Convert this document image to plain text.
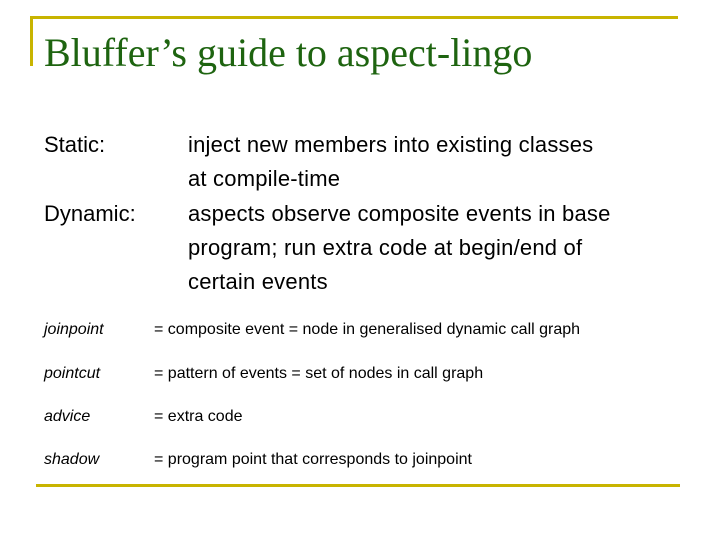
Bluffer’s guide to aspect-lingo
Static:	inject new members into existing classes at compile-time
Dynamic: aspects observe composite events in base program; run extra code at begin/end of certain events
joinpoint	= composite event = node in generalised dynamic call graph
pointcut	= pattern of events = set of nodes in call graph
advice	= extra code
shadow	= program point that corresponds to joinpoint
